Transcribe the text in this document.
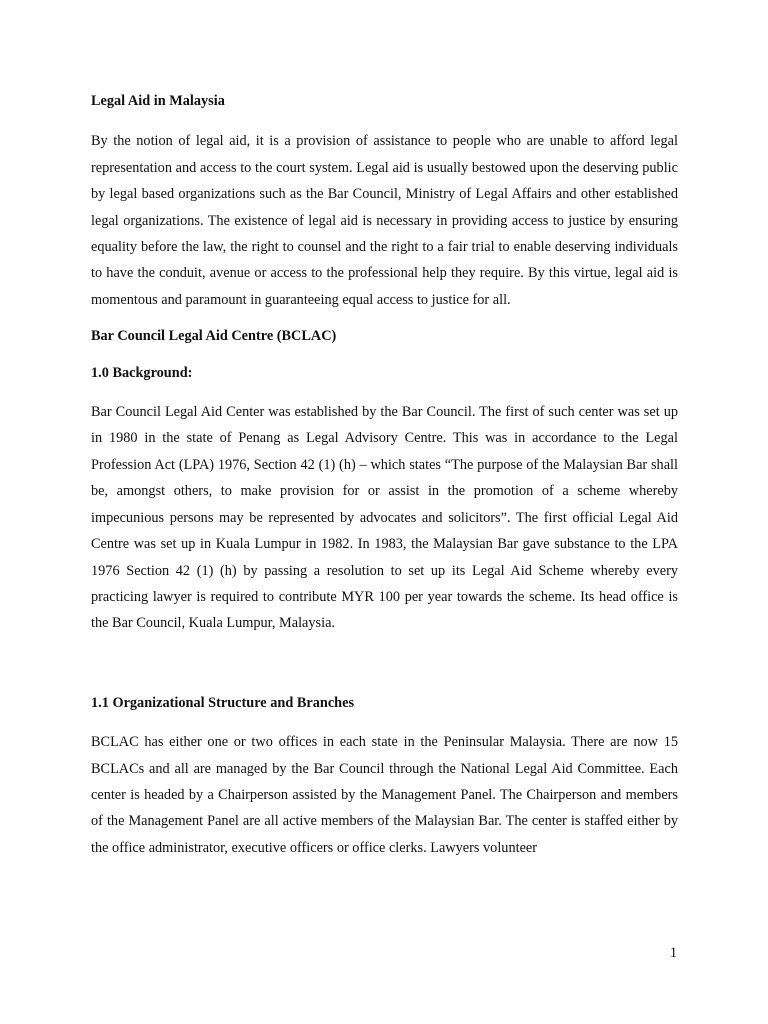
Legal Aid in Malaysia

By the notion of legal aid, it is a provision of assistance to people who are unable to afford legal representation and access to the court system. Legal aid is usually bestowed upon the deserving public by legal based organizations such as the Bar Council, Ministry of Legal Affairs and other established legal organizations. The existence of legal aid is necessary in providing access to justice by ensuring equality before the law, the right to counsel and the right to a fair trial to enable deserving individuals to have the conduit, avenue or access to the professional help they require. By this virtue, legal aid is momentous and paramount in guaranteeing equal access to justice for all.

Bar Council Legal Aid Centre (BCLAC)

1.0 Background:

Bar Council Legal Aid Center was established by the Bar Council. The first of such center was set up in 1980 in the state of Penang as Legal Advisory Centre. This was in accordance to the Legal Profession Act (LPA) 1976, Section 42 (1) (h) – which states “The purpose of the Malaysian Bar shall be, amongst others, to make provision for or assist in the promotion of a scheme whereby impecunious persons may be represented by advocates and solicitors”. The first official Legal Aid Centre was set up in Kuala Lumpur in 1982. In 1983, the Malaysian Bar gave substance to the LPA 1976 Section 42 (1) (h) by passing a resolution to set up its Legal Aid Scheme whereby every practicing lawyer is required to contribute MYR 100 per year towards the scheme. Its head office is the Bar Council, Kuala Lumpur, Malaysia.

1.1 Organizational Structure and Branches

BCLAC has either one or two offices in each state in the Peninsular Malaysia. There are now 15 BCLACs and all are managed by the Bar Council through the National Legal Aid Committee. Each center is headed by a Chairperson assisted by the Management Panel. The Chairperson and members of the Management Panel are all active members of the Malaysian Bar. The center is staffed either by the office administrator, executive officers or office clerks. Lawyers volunteer

1
